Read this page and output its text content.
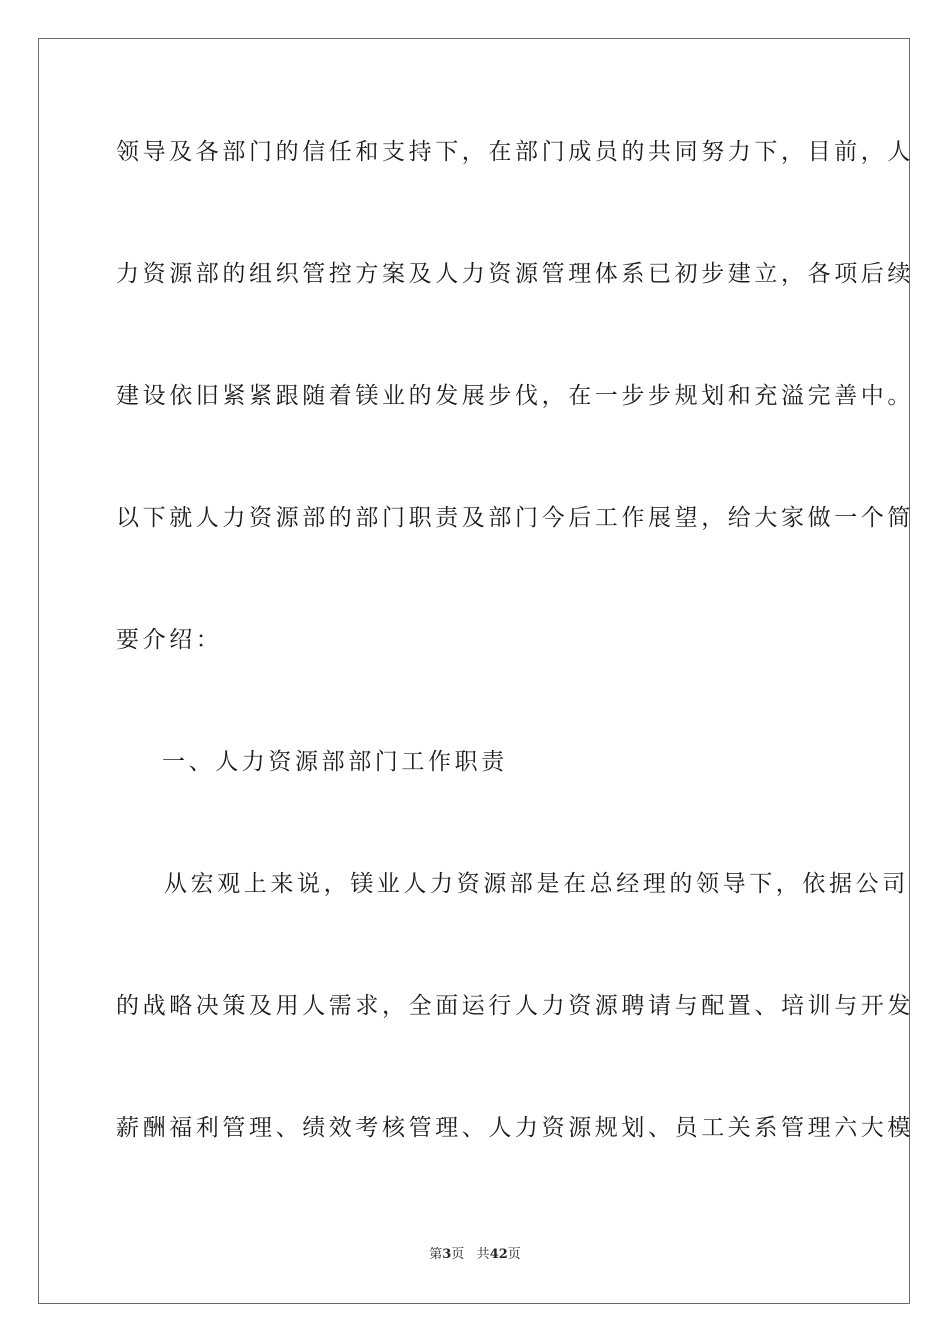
领导及各部门的信任和支持下，在部门成员的共同努力下，目前，人
力资源部的组织管控方案及人力资源管理体系已初步建立，各项后续
建设依旧紧紧跟随着镁业的发展步伐，在一步步规划和充溢完善中。
以下就人力资源部的部门职责及部门今后工作展望，给大家做一个简
要介绍：
一、人力资源部部门工作职责
从宏观上来说，镁业人力资源部是在总经理的领导下，依据公司
的战略决策及用人需求，全面运行人力资源聘请与配置、培训与开发
薪酬福利管理、绩效考核管理、人力资源规划、员工关系管理六大模
第3页 共42页
